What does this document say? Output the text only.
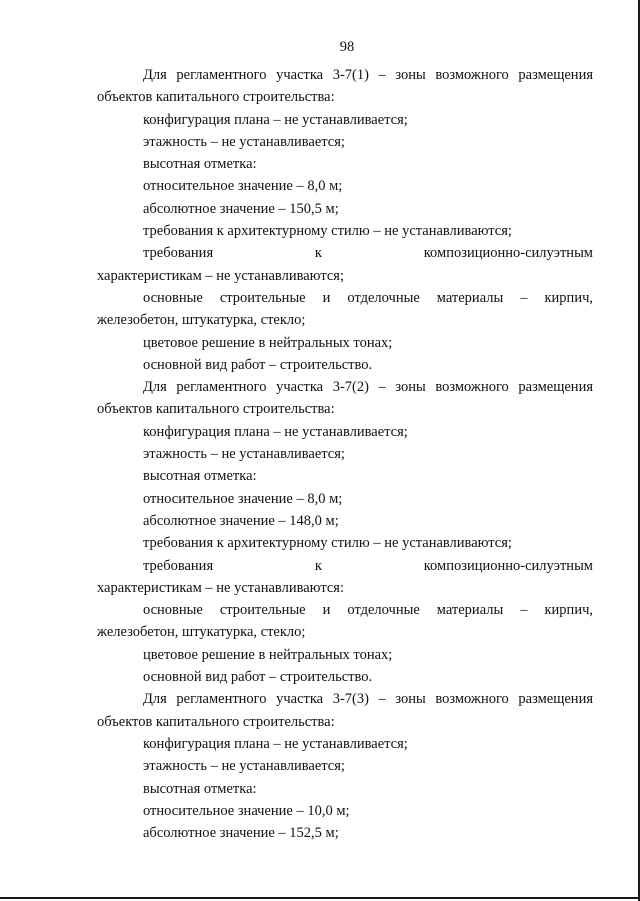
98
Для регламентного участка 3-7(1) – зоны возможного размещения
объектов капитального строительства:
конфигурация плана – не устанавливается;
этажность – не устанавливается;
высотная отметка:
относительное значение – 8,0 м;
абсолютное значение – 150,5 м;
требования к архитектурному стилю – не устанавливаются;
требования к композиционно-силуэтным
характеристикам – не устанавливаются;
основные строительные и отделочные материалы – кирпич,
железобетон, штукатурка, стекло;
цветовое решение в нейтральных тонах;
основной вид работ – строительство.
Для регламентного участка 3-7(2) – зоны возможного размещения
объектов капитального строительства:
конфигурация плана – не устанавливается;
этажность – не устанавливается;
высотная отметка:
относительное значение – 8,0 м;
абсолютное значение – 148,0 м;
требования к архитектурному стилю – не устанавливаются;
требования к композиционно-силуэтным
характеристикам – не устанавливаются:
основные строительные и отделочные материалы – кирпич,
железобетон, штукатурка, стекло;
цветовое решение в нейтральных тонах;
основной вид работ – строительство.
Для регламентного участка 3-7(3) – зоны возможного размещения
объектов капитального строительства:
конфигурация плана – не устанавливается;
этажность – не устанавливается;
высотная отметка:
относительное значение – 10,0 м;
абсолютное значение – 152,5 м;
